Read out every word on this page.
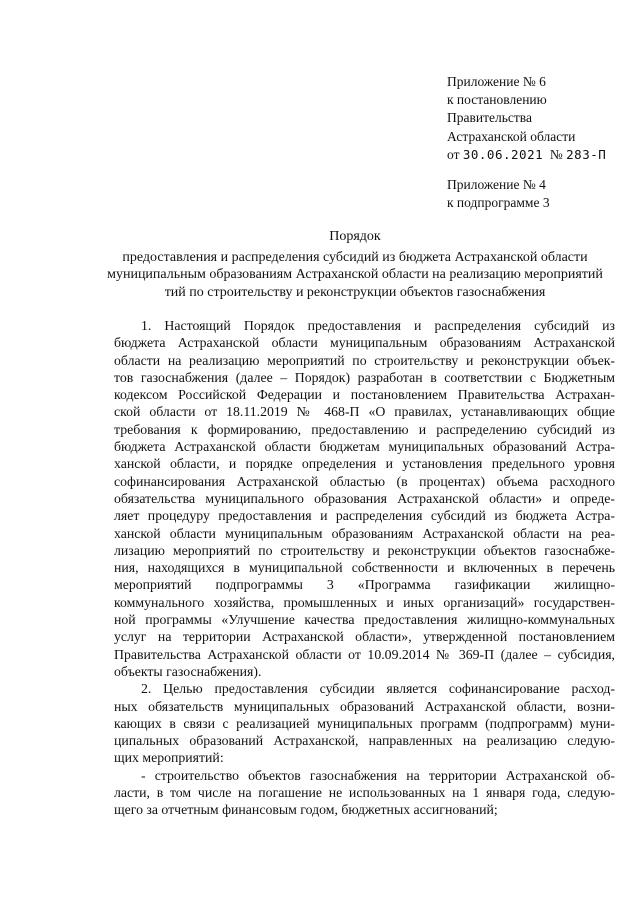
Приложение № 6
к постановлению
Правительства
Астраханской области
от 30.06.2021 № 283-П
Приложение № 4
к подпрограмме 3
Порядок
предоставления и распределения субсидий из бюджета Астраханской области
муниципальным образованиям Астраханской области на реализацию мероприятий
тий по строительству и реконструкции объектов газоснабжения
1. Настоящий Порядок предоставления и распределения субсидий из
бюджета Астраханской области муниципальным образованиям Астраханской
области на реализацию мероприятий по строительству и реконструкции объек-
тов газоснабжения (далее – Порядок) разработан в соответствии с Бюджетным
кодексом Российской Федерации и постановлением Правительства Астрахан-
ской области от 18.11.2019 № 468-П «О правилах, устанавливающих общие
требования к формированию, предоставлению и распределению субсидий из
бюджета Астраханской области бюджетам муниципальных образований Астра-
ханской области, и порядке определения и установления предельного уровня
софинансирования Астраханской областью (в процентах) объема расходного
обязательства муниципального образования Астраханской области» и опреде-
ляет процедуру предоставления и распределения субсидий из бюджета Астра-
ханской области муниципальным образованиям Астраханской области на реа-
лизацию мероприятий по строительству и реконструкции объектов газоснабже-
ния, находящихся в муниципальной собственности и включенных в перечень
мероприятий подпрограммы 3 «Программа газификации жилищно-
коммунального хозяйства, промышленных и иных организаций» государствен-
ной программы «Улучшение качества предоставления жилищно-коммунальных
услуг на территории Астраханской области», утвержденной постановлением
Правительства Астраханской области от 10.09.2014 № 369-П (далее – субсидия,
объекты газоснабжения).
2. Целью предоставления субсидии является софинансирование расход-
ных обязательств муниципальных образований Астраханской области, возни-
кающих в связи с реализацией муниципальных программ (подпрограмм) муни-
ципальных образований Астраханской, направленных на реализацию следую-
щих мероприятий:
- строительство объектов газоснабжения на территории Астраханской об-
ласти, в том числе на погашение не использованных на 1 января года, следую-
щего за отчетным финансовым годом, бюджетных ассигнований;
